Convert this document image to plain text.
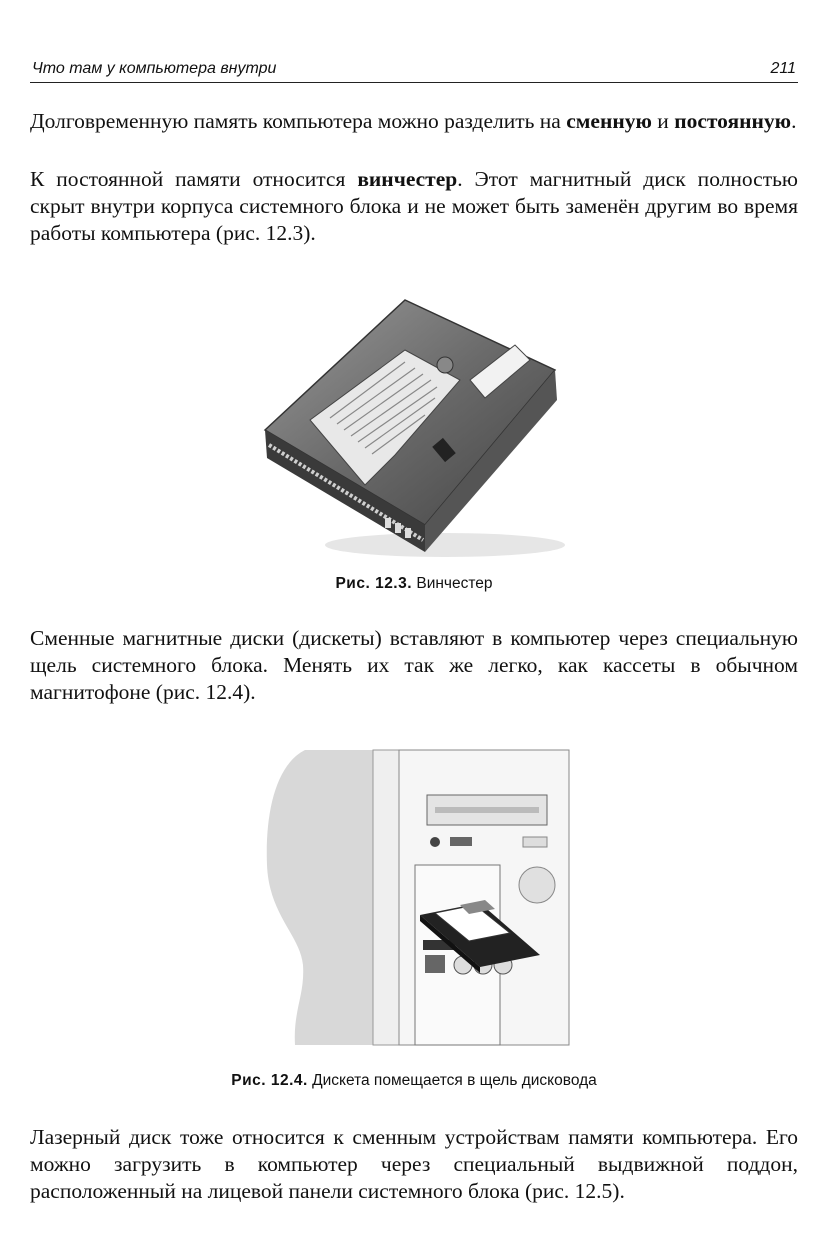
Что там у компьютера внутри	211

Долговременную память компьютера можно разделить на сменную и постоянную.

К постоянной памяти относится винчестер. Этот магнитный диск полностью скрыт внутри корпуса системного блока и не может быть заменён другим во время работы компьютера (рис. 12.3).

Рис. 12.3. Винчестер

Сменные магнитные диски (дискеты) вставляют в компьютер через специальную щель системного блока. Менять их так же легко, как кассеты в обычном магнитофоне (рис. 12.4).

Рис. 12.4. Дискета помещается в щель дисковода

Лазерный диск тоже относится к сменным устройствам памяти компьютера. Его можно загрузить в компьютер через специальный выдвижной поддон, расположенный на лицевой панели системного блока (рис. 12.5).
